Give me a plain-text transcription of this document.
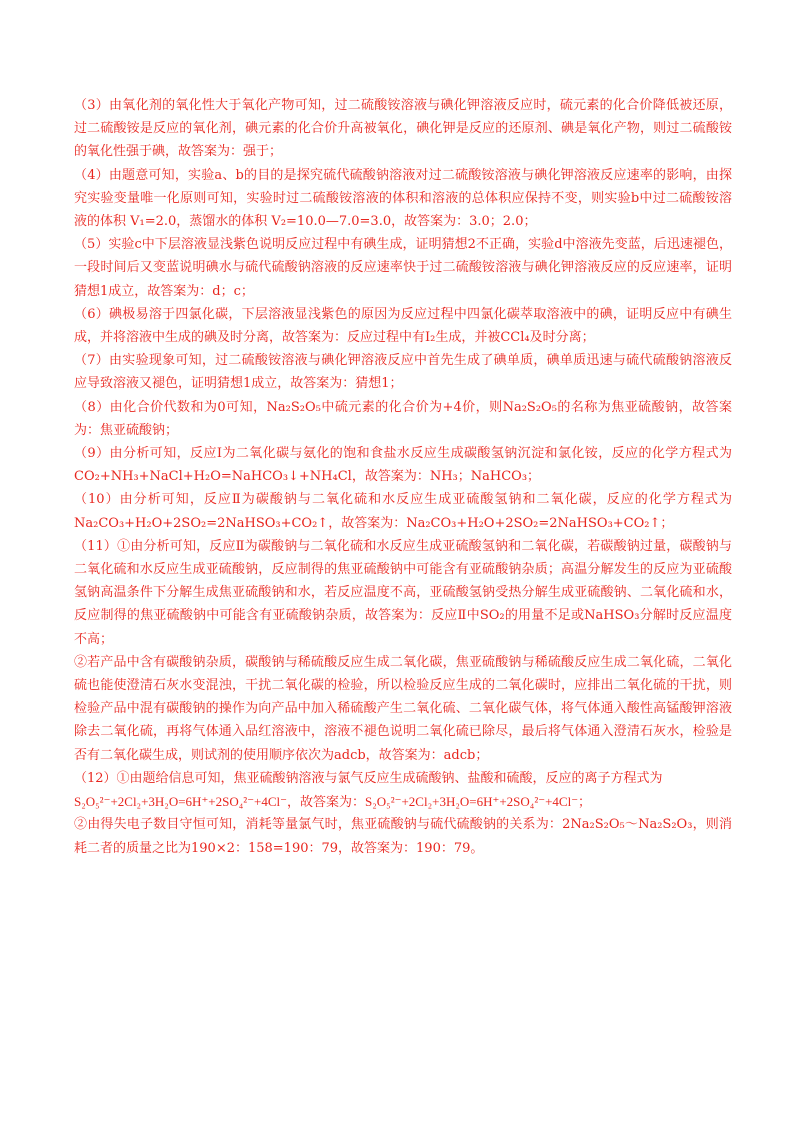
（3）由氧化剂的氧化性大于氧化产物可知，过二硫酸铵溶液与碘化钾溶液反应时，硫元素的化合价降低被还原，过二硫酸铵是反应的氧化剂，碘元素的化合价升高被氧化，碘化钾是反应的还原剂、碘是氧化产物，则过二硫酸铵的氧化性强于碘，故答案为：强于；

（4）由题意可知，实验a、b的目的是探究硫代硫酸钠溶液对过二硫酸铵溶液与碘化钾溶液反应速率的影响，由探究实验变量唯一化原则可知，实验时过二硫酸铵溶液的体积和溶液的总体积应保持不变，则实验b中过二硫酸铵溶液的体积 V₁=2.0，蒸馏水的体积 V₂=10.0—7.0=3.0，故答案为：3.0；2.0；

（5）实验c中下层溶液显浅紫色说明反应过程中有碘生成，证明猜想2不正确，实验d中溶液先变蓝，后迅速褪色，一段时间后又变蓝说明碘水与硫代硫酸钠溶液的反应速率快于过二硫酸铵溶液与碘化钾溶液反应的反应速率，证明猜想1成立，故答案为：d；c；

（6）碘极易溶于四氯化碳，下层溶液显浅紫色的原因为反应过程中四氯化碳萃取溶液中的碘，证明反应中有碘生成，并将溶液中生成的碘及时分离，故答案为：反应过程中有I₂生成，并被CCl₄及时分离；

（7）由实验现象可知，过二硫酸铵溶液与碘化钾溶液反应中首先生成了碘单质，碘单质迅速与硫代硫酸钠溶液反应导致溶液又褪色，证明猜想1成立，故答案为：猜想1；

（8）由化合价代数和为0可知，Na₂S₂O₅中硫元素的化合价为+4价，则Na₂S₂O₅的名称为焦亚硫酸钠，故答案为：焦亚硫酸钠；

（9）由分析可知，反应Ⅰ为二氧化碳与氨化的饱和食盐水反应生成碳酸氢钠沉淀和氯化铵，反应的化学方程式为CO₂+NH₃+NaCl+H₂O=NaHCO₃↓+NH₄Cl，故答案为：NH₃；NaHCO₃；

（10）由分析可知，反应Ⅱ为碳酸钠与二氧化硫和水反应生成亚硫酸氢钠和二氧化碳，反应的化学方程式为Na₂CO₃+H₂O+2SO₂=2NaHSO₃+CO₂↑，故答案为：Na₂CO₃+H₂O+2SO₂=2NaHSO₃+CO₂↑；

（11）①由分析可知，反应Ⅱ为碳酸钠与二氧化硫和水反应生成亚硫酸氢钠和二氧化碳，若碳酸钠过量，碳酸钠与二氧化硫和水反应生成亚硫酸钠，反应制得的焦亚硫酸钠中可能含有亚硫酸钠杂质；高温分解发生的反应为亚硫酸氢钠高温条件下分解生成焦亚硫酸钠和水，若反应温度不高，亚硫酸氢钠受热分解生成亚硫酸钠、二氧化硫和水，反应制得的焦亚硫酸钠中可能含有亚硫酸钠杂质，故答案为：反应Ⅱ中SO₂的用量不足或NaHSO₃分解时反应温度不高；

②若产品中含有碳酸钠杂质，碳酸钠与稀硫酸反应生成二氧化碳，焦亚硫酸钠与稀硫酸反应生成二氧化硫，二氧化硫也能使澄清石灰水变混浊，干扰二氧化碳的检验，所以检验反应生成的二氧化碳时，应排出二氧化硫的干扰，则检验产品中混有碳酸钠的操作为向产品中加入稀硫酸产生二氧化硫、二氧化碳气体，将气体通入酸性高锰酸钾溶液除去二氧化硫，再将气体通入品红溶液中，溶液不褪色说明二氧化硫已除尽，最后将气体通入澄清石灰水，检验是否有二氧化碳生成，则试剂的使用顺序依次为adcb，故答案为：adcb；

（12）①由题给信息可知，焦亚硫酸钠溶液与氯气反应生成硫酸钠、盐酸和硫酸，反应的离子方程式为

S₂O₅²⁻+2Cl₂+3H₂O=6H⁺+2SO₄²⁻+4Cl⁻，故答案为：S₂O₅²⁻+2Cl₂+3H₂O=6H⁺+2SO₄²⁻+4Cl⁻；

②由得失电子数目守恒可知，消耗等量氯气时，焦亚硫酸钠与硫代硫酸钠的关系为：2Na₂S₂O₅～Na₂S₂O₃，则消耗二者的质量之比为190×2：158=190：79，故答案为：190：79。
